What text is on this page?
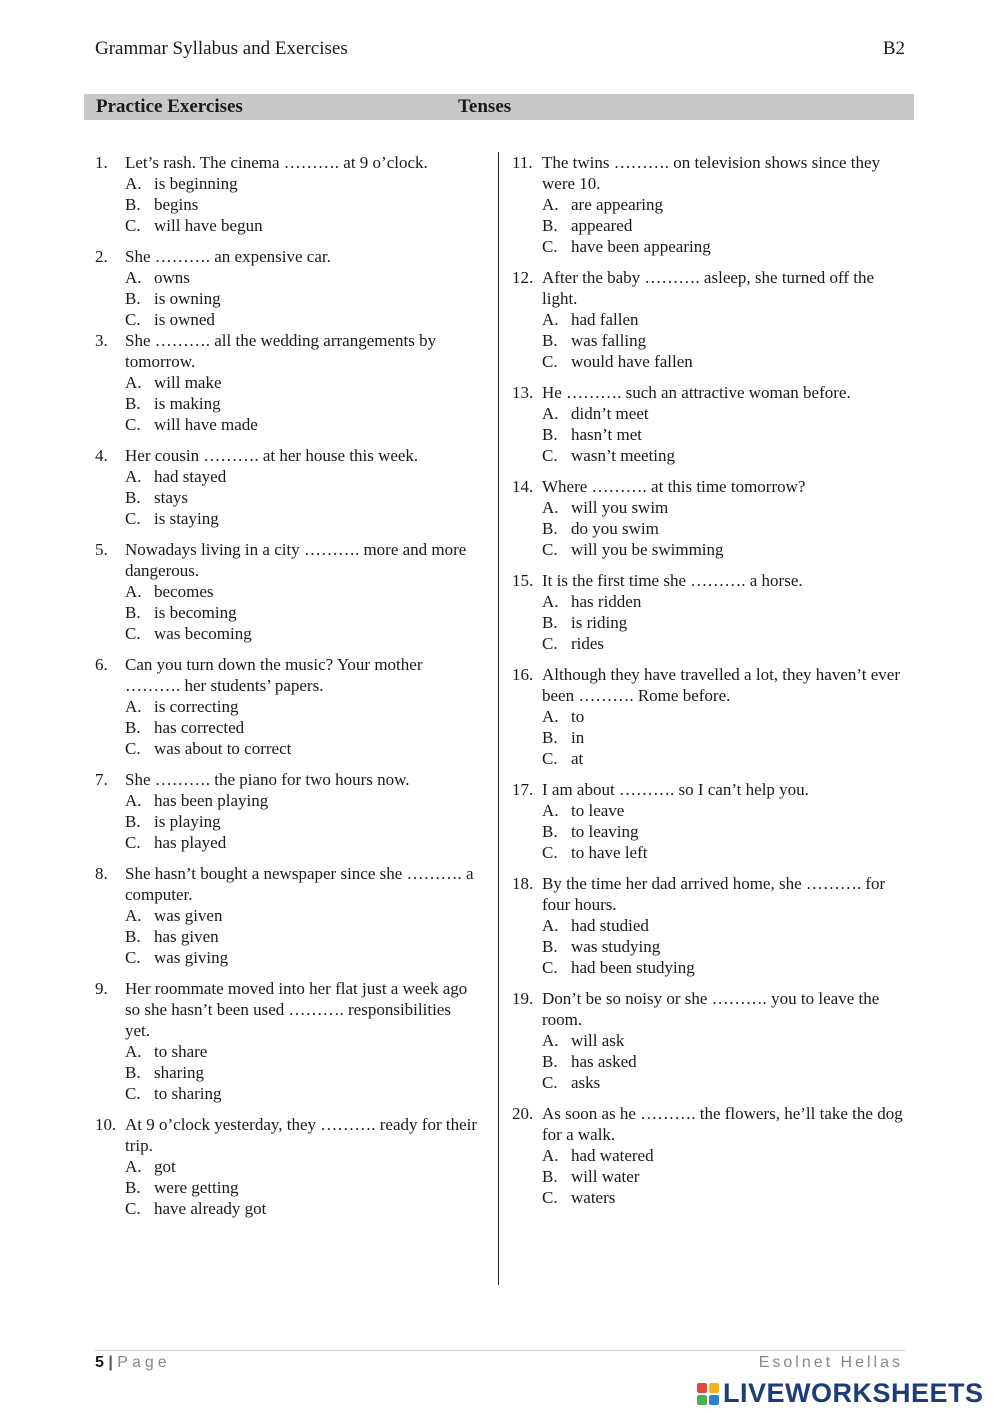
Grammar Syllabus and Exercises	B2
Practice Exercises	Tenses
1.	Let’s rash. The cinema ………. at 9 o’clock.
A. is beginning
B. begins
C. will have begun
2.	She ………. an expensive car.
A. owns
B. is owning
C. is owned
3.	She ………. all the wedding arrangements by tomorrow.
A. will make
B. is making
C. will have made
4.	Her cousin ………. at her house this week.
A. had stayed
B. stays
C. is staying
5.	Nowadays living in a city ………. more and more dangerous.
A. becomes
B. is becoming
C. was becoming
6.	Can you turn down the music? Your mother ………. her students’ papers.
A. is correcting
B. has corrected
C. was about to correct
7.	She ………. the piano for two hours now.
A. has been playing
B. is playing
C. has played
8.	She hasn’t bought a newspaper since she ………. a computer.
A. was given
B. has given
C. was giving
9.	Her roommate moved into her flat just a week ago so she hasn’t been used ………. responsibilities yet.
A. to share
B. sharing
C. to sharing
10. At 9 o’clock yesterday, they ………. ready for their trip.
A. got
B. were getting
C. have already got
11. The twins ………. on television shows since they were 10.
A. are appearing
B. appeared
C. have been appearing
12. After the baby ………. asleep, she turned off the light.
A. had fallen
B. was falling
C. would have fallen
13. He ………. such an attractive woman before.
A. didn’t meet
B. hasn’t met
C. wasn’t meeting
14. Where ………. at this time tomorrow?
A. will you swim
B. do you swim
C. will you be swimming
15. It is the first time she ………. a horse.
A. has ridden
B. is riding
C. rides
16. Although they have travelled a lot, they haven’t ever been ………. Rome before.
A. to
B. in
C. at
17. I am about ………. so I can’t help you.
A. to leave
B. to leaving
C. to have left
18. By the time her dad arrived home, she ………. for four hours.
A. had studied
B. was studying
C. had been studying
19. Don’t be so noisy or she ………. you to leave the room.
A. will ask
B. has asked
C. asks
20. As soon as he ………. the flowers, he’ll take the dog for a walk.
A. had watered
B. will water
C. waters
5 | Page	Esolnet Hellas
LIVEWORKSHEETS
